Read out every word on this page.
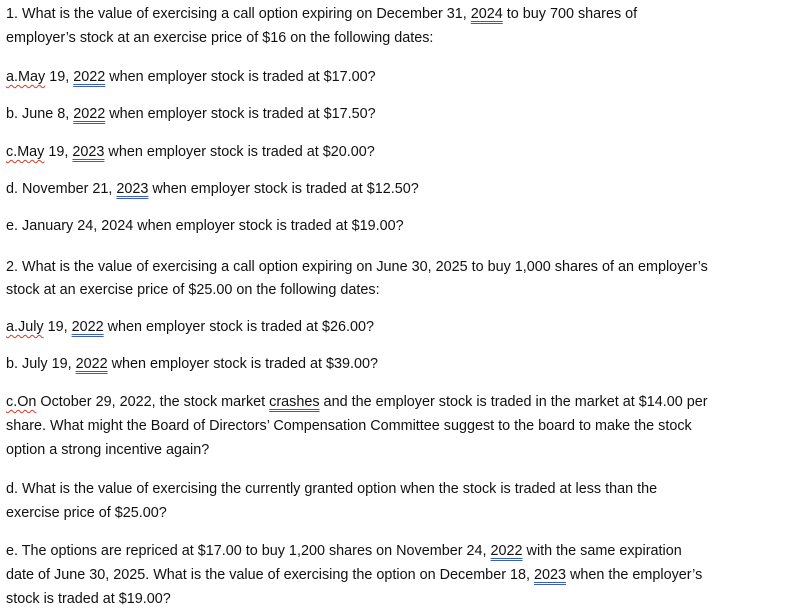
1. What is the value of exercising a call option expiring on December 31, 2024 to buy 700 shares of
employer’s stock at an exercise price of $16 on the following dates:
a.May 19, 2022 when employer stock is traded at $17.00?
b. June 8, 2022 when employer stock is traded at $17.50?
c.May 19, 2023 when employer stock is traded at $20.00?
d. November 21, 2023 when employer stock is traded at $12.50?
e. January 24, 2024 when employer stock is traded at $19.00?
2. What is the value of exercising a call option expiring on June 30, 2025 to buy 1,000 shares of an employer’s
stock at an exercise price of $25.00 on the following dates:
a.July 19, 2022 when employer stock is traded at $26.00?
b. July 19, 2022 when employer stock is traded at $39.00?
c.On October 29, 2022, the stock market crashes and the employer stock is traded in the market at $14.00 per
share. What might the Board of Directors’ Compensation Committee suggest to the board to make the stock
option a strong incentive again?
d. What is the value of exercising the currently granted option when the stock is traded at less than the
exercise price of $25.00?
e. The options are repriced at $17.00 to buy 1,200 shares on November 24, 2022 with the same expiration
date of June 30, 2025. What is the value of exercising the option on December 18, 2023 when the employer’s
stock is traded at $19.00?
